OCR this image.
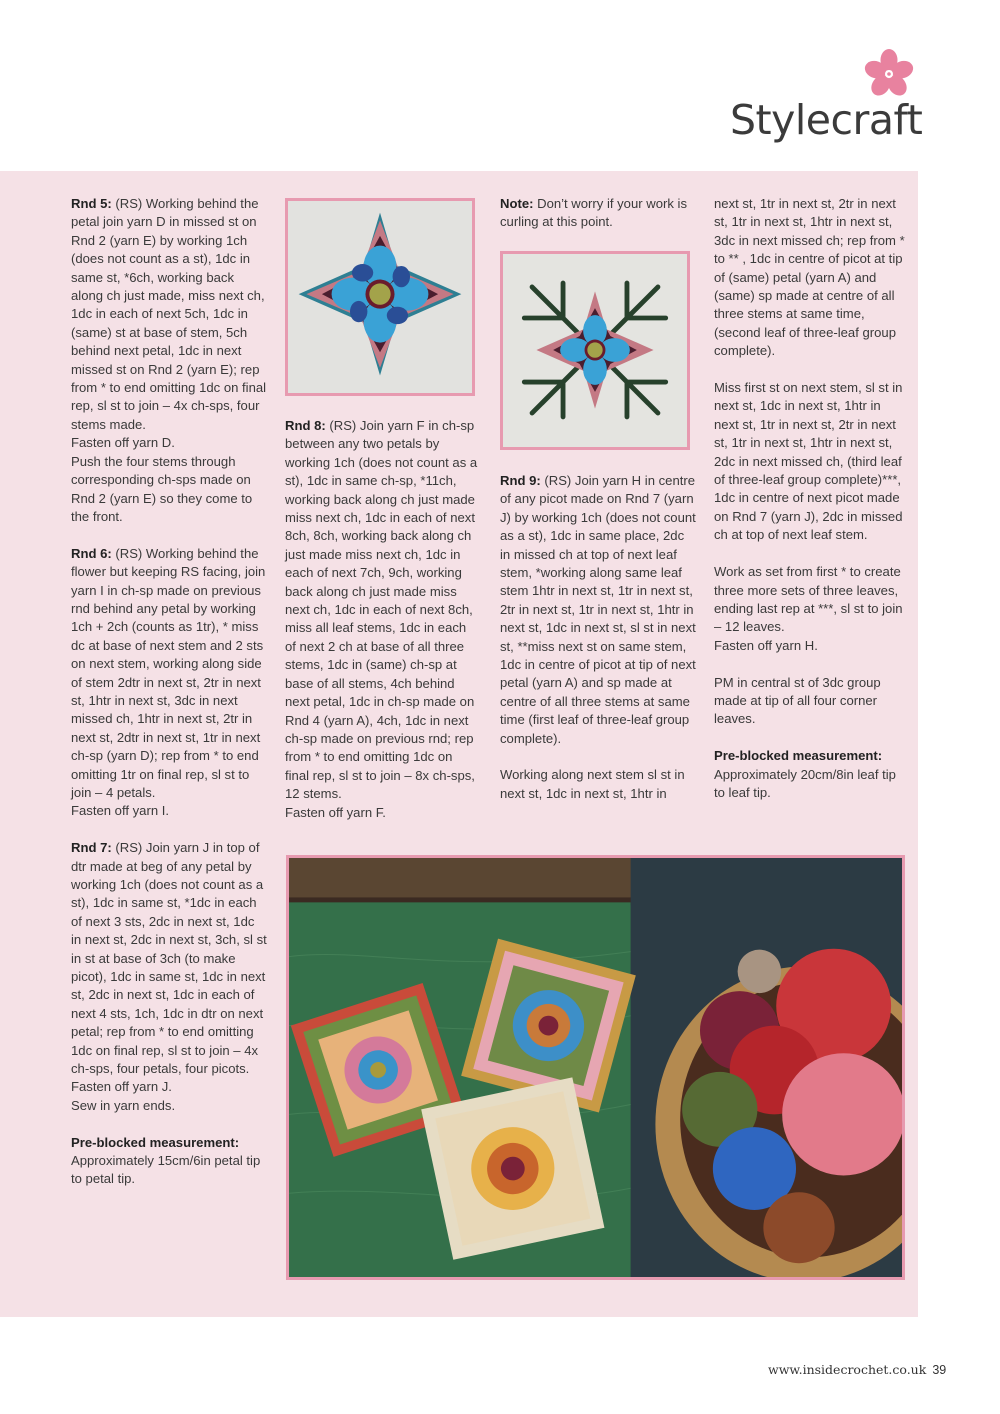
Stylecraft

Rnd 5: (RS) Working behind the petal join yarn D in missed st on Rnd 2 (yarn E) by working 1ch (does not count as a st), 1dc in same st, *6ch, working back along ch just made, miss next ch, 1dc in each of next 5ch, 1dc in (same) st at base of stem, 5ch behind next petal, 1dc in next missed st on Rnd 2 (yarn E); rep from * to end omitting 1dc on final rep, sl st to join – 4x ch-sps, four stems made.

Fasten off yarn D.

Push the four stems through corresponding ch-sps made on Rnd 2 (yarn E) so they come to the front.

Rnd 6: (RS) Working behind the flower but keeping RS facing, join yarn I in ch-sp made on previous rnd behind any petal by working 1ch + 2ch (counts as 1tr), * miss dc at base of next stem and 2 sts on next stem, working along side of stem 2dtr in next st, 2tr in next st, 1htr in next st, 3dc in next missed ch, 1htr in next st, 2tr in next st, 2dtr in next st, 1tr in next ch-sp (yarn D); rep from * to end omitting 1tr on final rep, sl st to join – 4 petals.

Fasten off yarn I.

Rnd 7: (RS) Join yarn J in top of dtr made at beg of any petal by working 1ch (does not count as a st), 1dc in same st, *1dc in each of next 3 sts, 2dc in next st, 1dc in next st, 2dc in next st, 3ch, sl st in st at base of 3ch (to make picot), 1dc in same st, 1dc in next st, 2dc in next st, 1dc in each of next 4 sts, 1ch, 1dc in dtr on next petal; rep from * to end omitting 1dc on final rep, sl st to join – 4x ch-sps, four petals, four picots.

Fasten off yarn J.

Sew in yarn ends.

Pre-blocked measurement:
Approximately 15cm/6in petal tip to petal tip.

Rnd 8: (RS) Join yarn F in ch-sp between any two petals by working 1ch (does not count as a st), 1dc in same ch-sp, *11ch, working back along ch just made miss next ch, 1dc in each of next 8ch, 8ch, working back along ch just made miss next ch, 1dc in each of next 7ch, 9ch, working back along ch just made miss next ch, 1dc in each of next 8ch, miss all leaf stems, 1dc in each of next 2 ch at base of all three stems, 1dc in (same) ch-sp at base of all stems, 4ch behind next petal, 1dc in ch-sp made on Rnd 4 (yarn A), 4ch, 1dc in next ch-sp made on previous rnd; rep from * to end omitting 1dc on final rep, sl st to join – 8x ch-sps, 12 stems.

Fasten off yarn F.

Note: Don’t worry if your work is curling at this point.

Rnd 9: (RS) Join yarn H in centre of any picot made on Rnd 7 (yarn J) by working 1ch (does not count as a st), 1dc in same place, 2dc in missed ch at top of next leaf stem, *working along same leaf stem 1htr in next st, 1tr in next st, 2tr in next st, 1tr in next st, 1htr in next st, 1dc in next st, sl st in next st, **miss next st on same stem, 1dc in centre of picot at tip of next petal (yarn A) and sp made at centre of all three stems at same time (first leaf of three-leaf group complete).

Working along next stem sl st in next st, 1dc in next st, 1htr in

next st, 1tr in next st, 2tr in next st, 1tr in next st, 1htr in next st, 3dc in next missed ch; rep from * to ** , 1dc in centre of picot at tip of (same) petal (yarn A) and (same) sp made at centre of all three stems at same time, (second leaf of three-leaf group complete).

Miss first st on next stem, sl st in next st, 1dc in next st, 1htr in next st, 1tr in next st, 2tr in next st, 1tr in next st, 1htr in next st, 2dc in next missed ch, (third leaf of three-leaf group complete)***, 1dc in centre of next picot made on Rnd 7 (yarn J), 2dc in missed ch at top of next leaf stem.

Work as set from first * to create three more sets of three leaves, ending last rep at ***, sl st to join – 12 leaves.

Fasten off yarn H.

PM in central st of 3dc group made at tip of all four corner leaves.

Pre-blocked measurement:
Approximately 20cm/8in leaf tip to leaf tip.

www.insidecrochet.co.uk 39
